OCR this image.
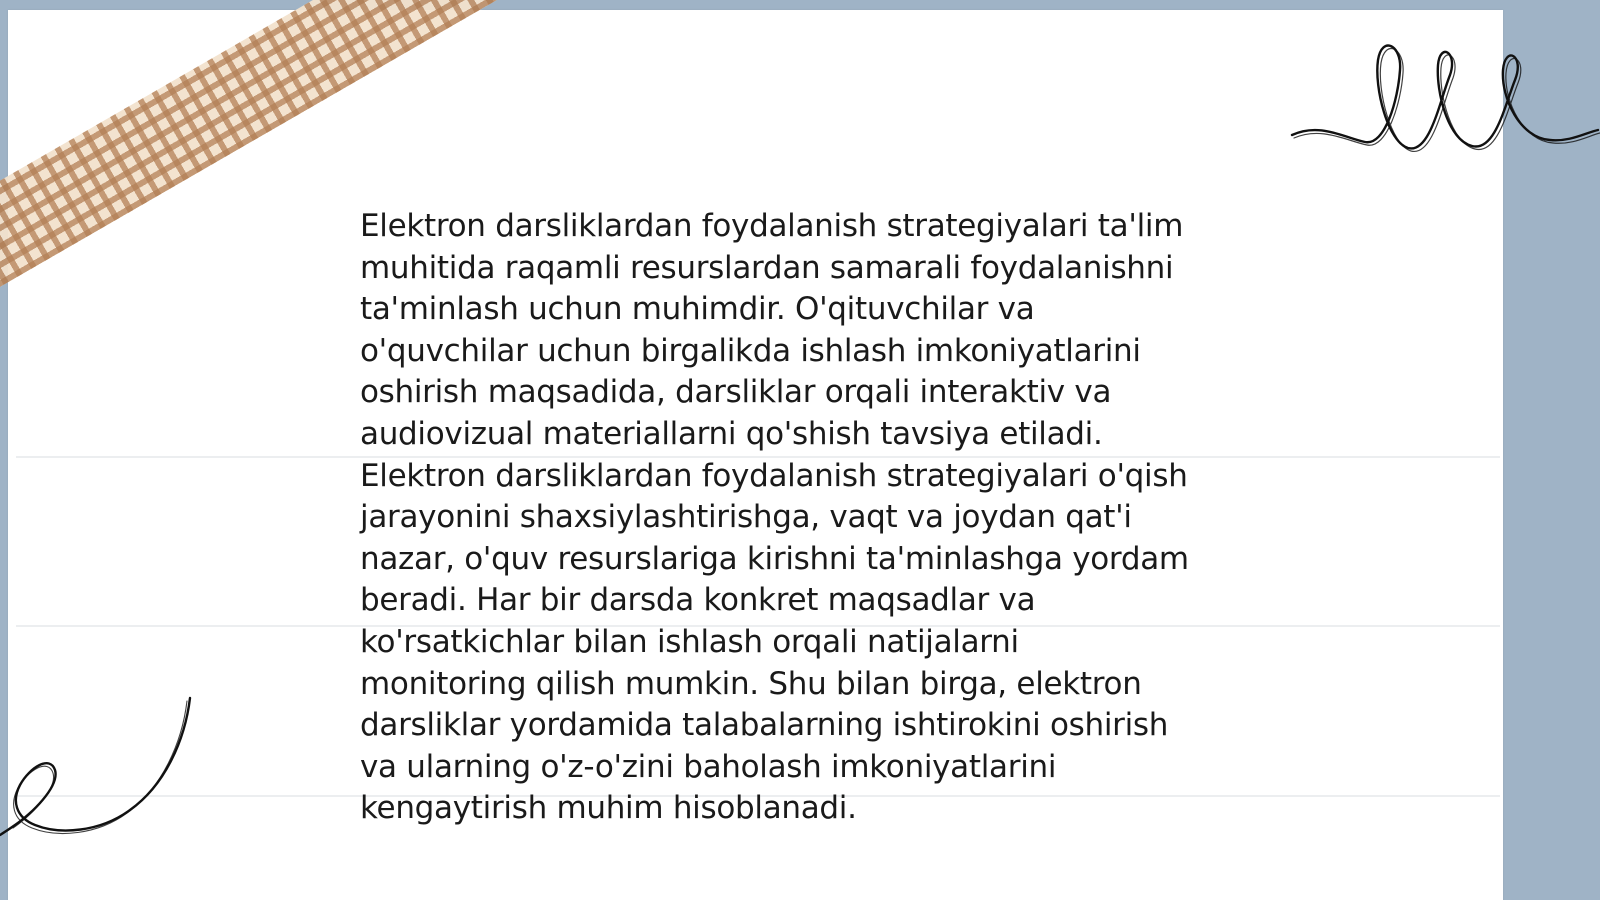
Elektron darsliklardan foydalanish strategiyalari ta'lim
muhitida raqamli resurslardan samarali foydalanishni
ta'minlash uchun muhimdir. O'qituvchilar va
o'quvchilar uchun birgalikda ishlash imkoniyatlarini
oshirish maqsadida, darsliklar orqali interaktiv va
audiovizual materiallarni qo'shish tavsiya etiladi.
Elektron darsliklardan foydalanish strategiyalari o'qish
jarayonini shaxsiylashtirishga, vaqt va joydan qat'i
nazar, o'quv resurslariga kirishni ta'minlashga yordam
beradi. Har bir darsda konkret maqsadlar va
ko'rsatkichlar bilan ishlash orqali natijalarni
monitoring qilish mumkin. Shu bilan birga, elektron
darsliklar yordamida talabalarning ishtirokini oshirish
va ularning o'z-o'zini baholash imkoniyatlarini
kengaytirish muhim hisoblanadi.
